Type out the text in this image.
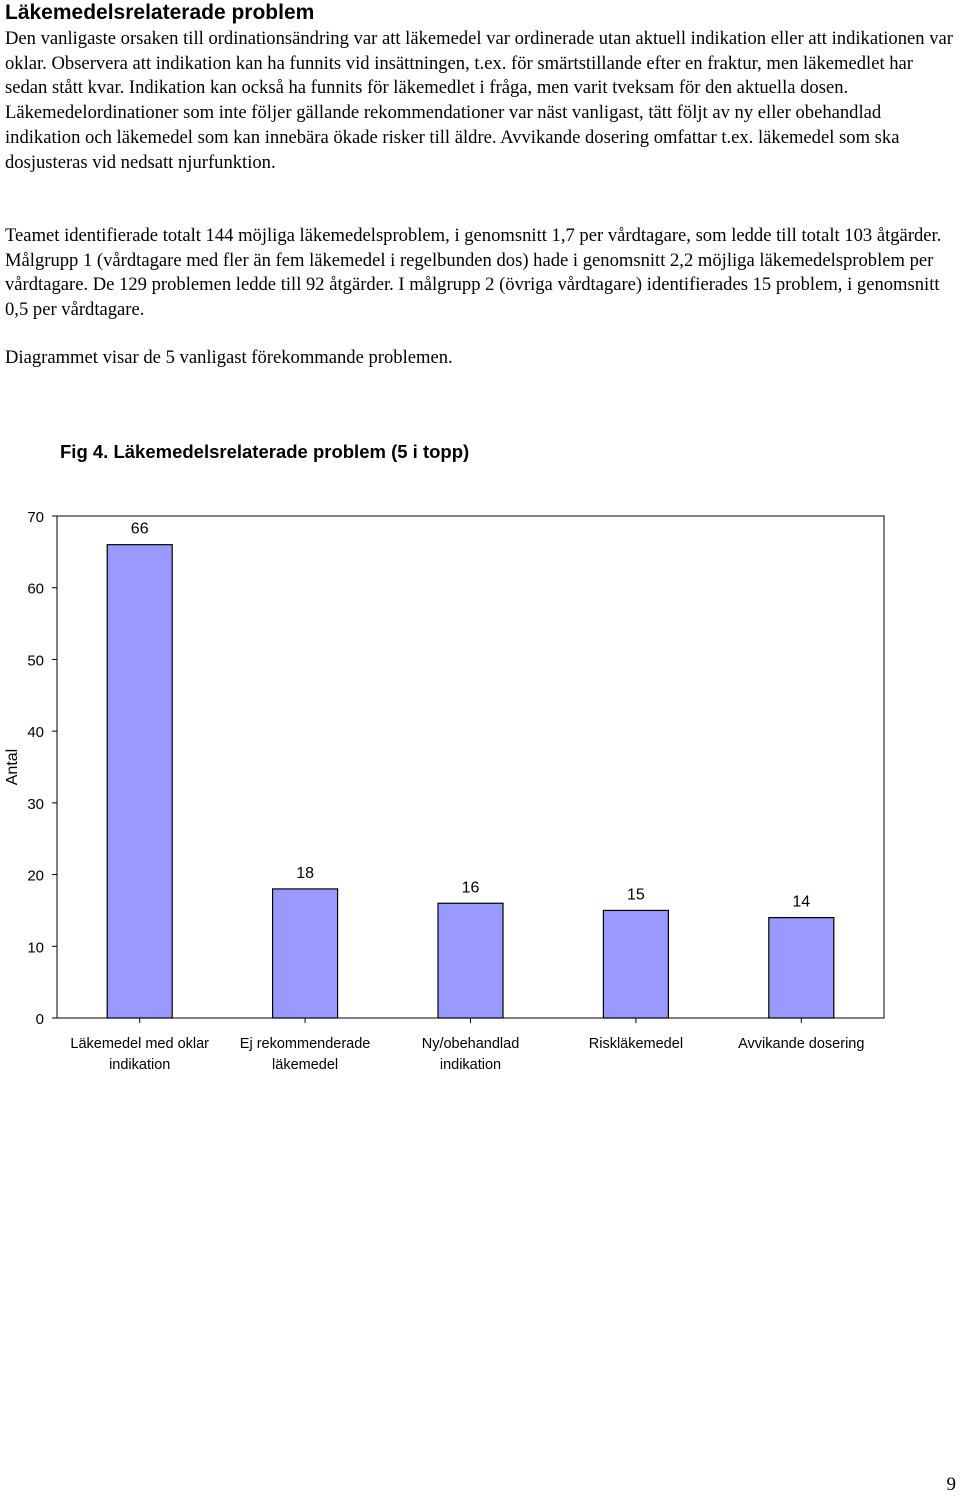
Läkemedelsrelaterade problem

Den vanligaste orsaken till ordinationsändring var att läkemedel var ordinerade utan aktuell indikation eller att indikationen var oklar. Observera att indikation kan ha funnits vid insättningen, t.ex. för smärtstillande efter en fraktur, men läkemedlet har sedan stått kvar. Indikation kan också ha funnits för läkemedlet i fråga, men varit tveksam för den aktuella dosen. Läkemedelordinationer som inte följer gällande rekommendationer var näst vanligast, tätt följt av ny eller obehandlad indikation och läkemedel som kan innebära ökade risker till äldre. Avvikande dosering omfattar t.ex. läkemedel som ska dosjusteras vid nedsatt njurfunktion.

Teamet identifierade totalt 144 möjliga läkemedelsproblem, i genomsnitt 1,7 per vårdtagare, som ledde till totalt 103 åtgärder. Målgrupp 1 (vårdtagare med fler än fem läkemedel i regelbunden dos) hade i genomsnitt 2,2 möjliga läkemedelsproblem per vårdtagare. De 129 problemen ledde till 92 åtgärder. I målgrupp 2 (övriga vårdtagare) identifierades 15 problem, i genomsnitt 0,5 per vårdtagare.

Diagrammet visar de 5 vanligast förekommande problemen.

Fig 4. Läkemedelsrelaterade problem (5 i topp)
0
10
20
30
40
50
60
70
Antal
66
Läkemedel med oklar
indikation
18
Ej rekommenderade
läkemedel
16
Ny/obehandlad
indikation
15
Riskläkemedel
14
Avvikande dosering
9
